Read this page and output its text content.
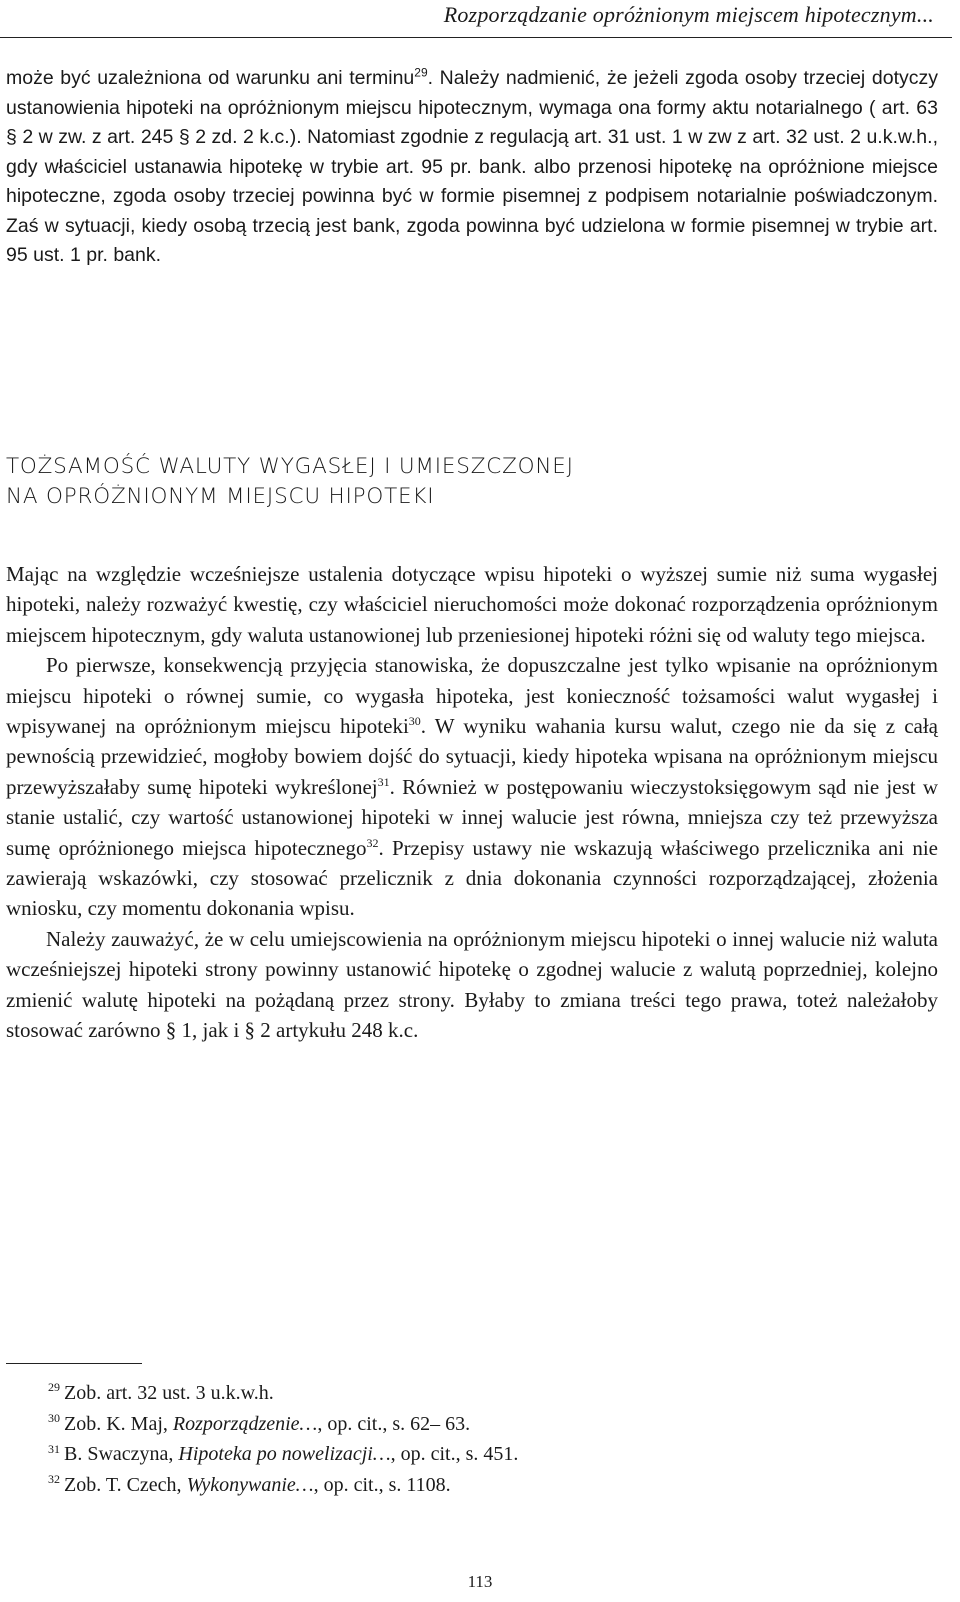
Rozporządzanie opróżnionym miejscem hipotecznym...

może być uzależniona od warunku ani terminu$^{29}$. Należy nadmienić, że jeżeli zgoda osoby trzeciej dotyczy ustanowienia hipoteki na opróżnionym miejscu hipotecznym, wymaga ona formy aktu notarialnego ( art. 63 § 2 w zw. z art. 245 § 2 zd. 2 k.c.). Natomiast zgodnie z regulacją art. 31 ust. 1 w zw z art. 32 ust. 2 u.k.w.h., gdy właściciel ustanawia hipotekę w trybie art. 95 pr. bank. albo przenosi hipotekę na opróżnione miejsce hipoteczne, zgoda osoby trzeciej powinna być w formie pisemnej z podpisem notarialnie poświadczonym. Zaś w sytuacji, kiedy osobą trzecią jest bank, zgoda powinna być udzielona w formie pisemnej w trybie art. 95 ust. 1 pr. bank.

TOŻSAMOŚĆ WALUTY WYGASŁEJ I UMIESZCZONEJ
NA OPRÓŻNIONYM MIEJSCU HIPOTEKI

Mając na względzie wcześniejsze ustalenia dotyczące wpisu hipoteki o wyższej sumie niż suma wygasłej hipoteki, należy rozważyć kwestię, czy właściciel nieruchomości może dokonać rozporządzenia opróżnionym miejscem hipotecznym, gdy waluta ustanowionej lub przeniesionej hipoteki różni się od waluty tego miejsca.

Po pierwsze, konsekwencją przyjęcia stanowiska, że dopuszczalne jest tylko wpisanie na opróżnionym miejscu hipoteki o równej sumie, co wygasła hipoteka, jest konieczność tożsamości walut wygasłej i wpisywanej na opróżnionym miejscu hipoteki$^{30}$. W wyniku wahania kursu walut, czego nie da się z całą pewnością przewidzieć, mogłoby bowiem dojść do sytuacji, kiedy hipoteka wpisana na opróżnionym miejscu przewyższałaby sumę hipoteki wykreślonej$^{31}$. Również w postępowaniu wieczystoksięgowym sąd nie jest w stanie ustalić, czy wartość ustanowionej hipoteki w innej walucie jest równa, mniejsza czy też przewyższa sumę opróżnionego miejsca hipotecznego$^{32}$. Przepisy ustawy nie wskazują właściwego przelicznika ani nie zawierają wskazówki, czy stosować przelicznik z dnia dokonania czynności rozporządzającej, złożenia wniosku, czy momentu dokonania wpisu.

Należy zauważyć, że w celu umiejscowienia na opróżnionym miejscu hipoteki o innej walucie niż waluta wcześniejszej hipoteki strony powinny ustanowić hipotekę o zgodnej walucie z walutą poprzedniej, kolejno zmienić walutę hipoteki na pożądaną przez strony. Byłaby to zmiana treści tego prawa, toteż należałoby stosować zarówno § 1, jak i § 2 artykułu 248 k.c.

$^{29}$ Zob. art. 32 ust. 3 u.k.w.h.
$^{30}$ Zob. K. Maj, Rozporządzenie…, op. cit., s. 62– 63.
$^{31}$ B. Swaczyna, Hipoteka po nowelizacji…, op. cit., s. 451.
$^{32}$ Zob. T. Czech, Wykonywanie…, op. cit., s. 1108.
113
